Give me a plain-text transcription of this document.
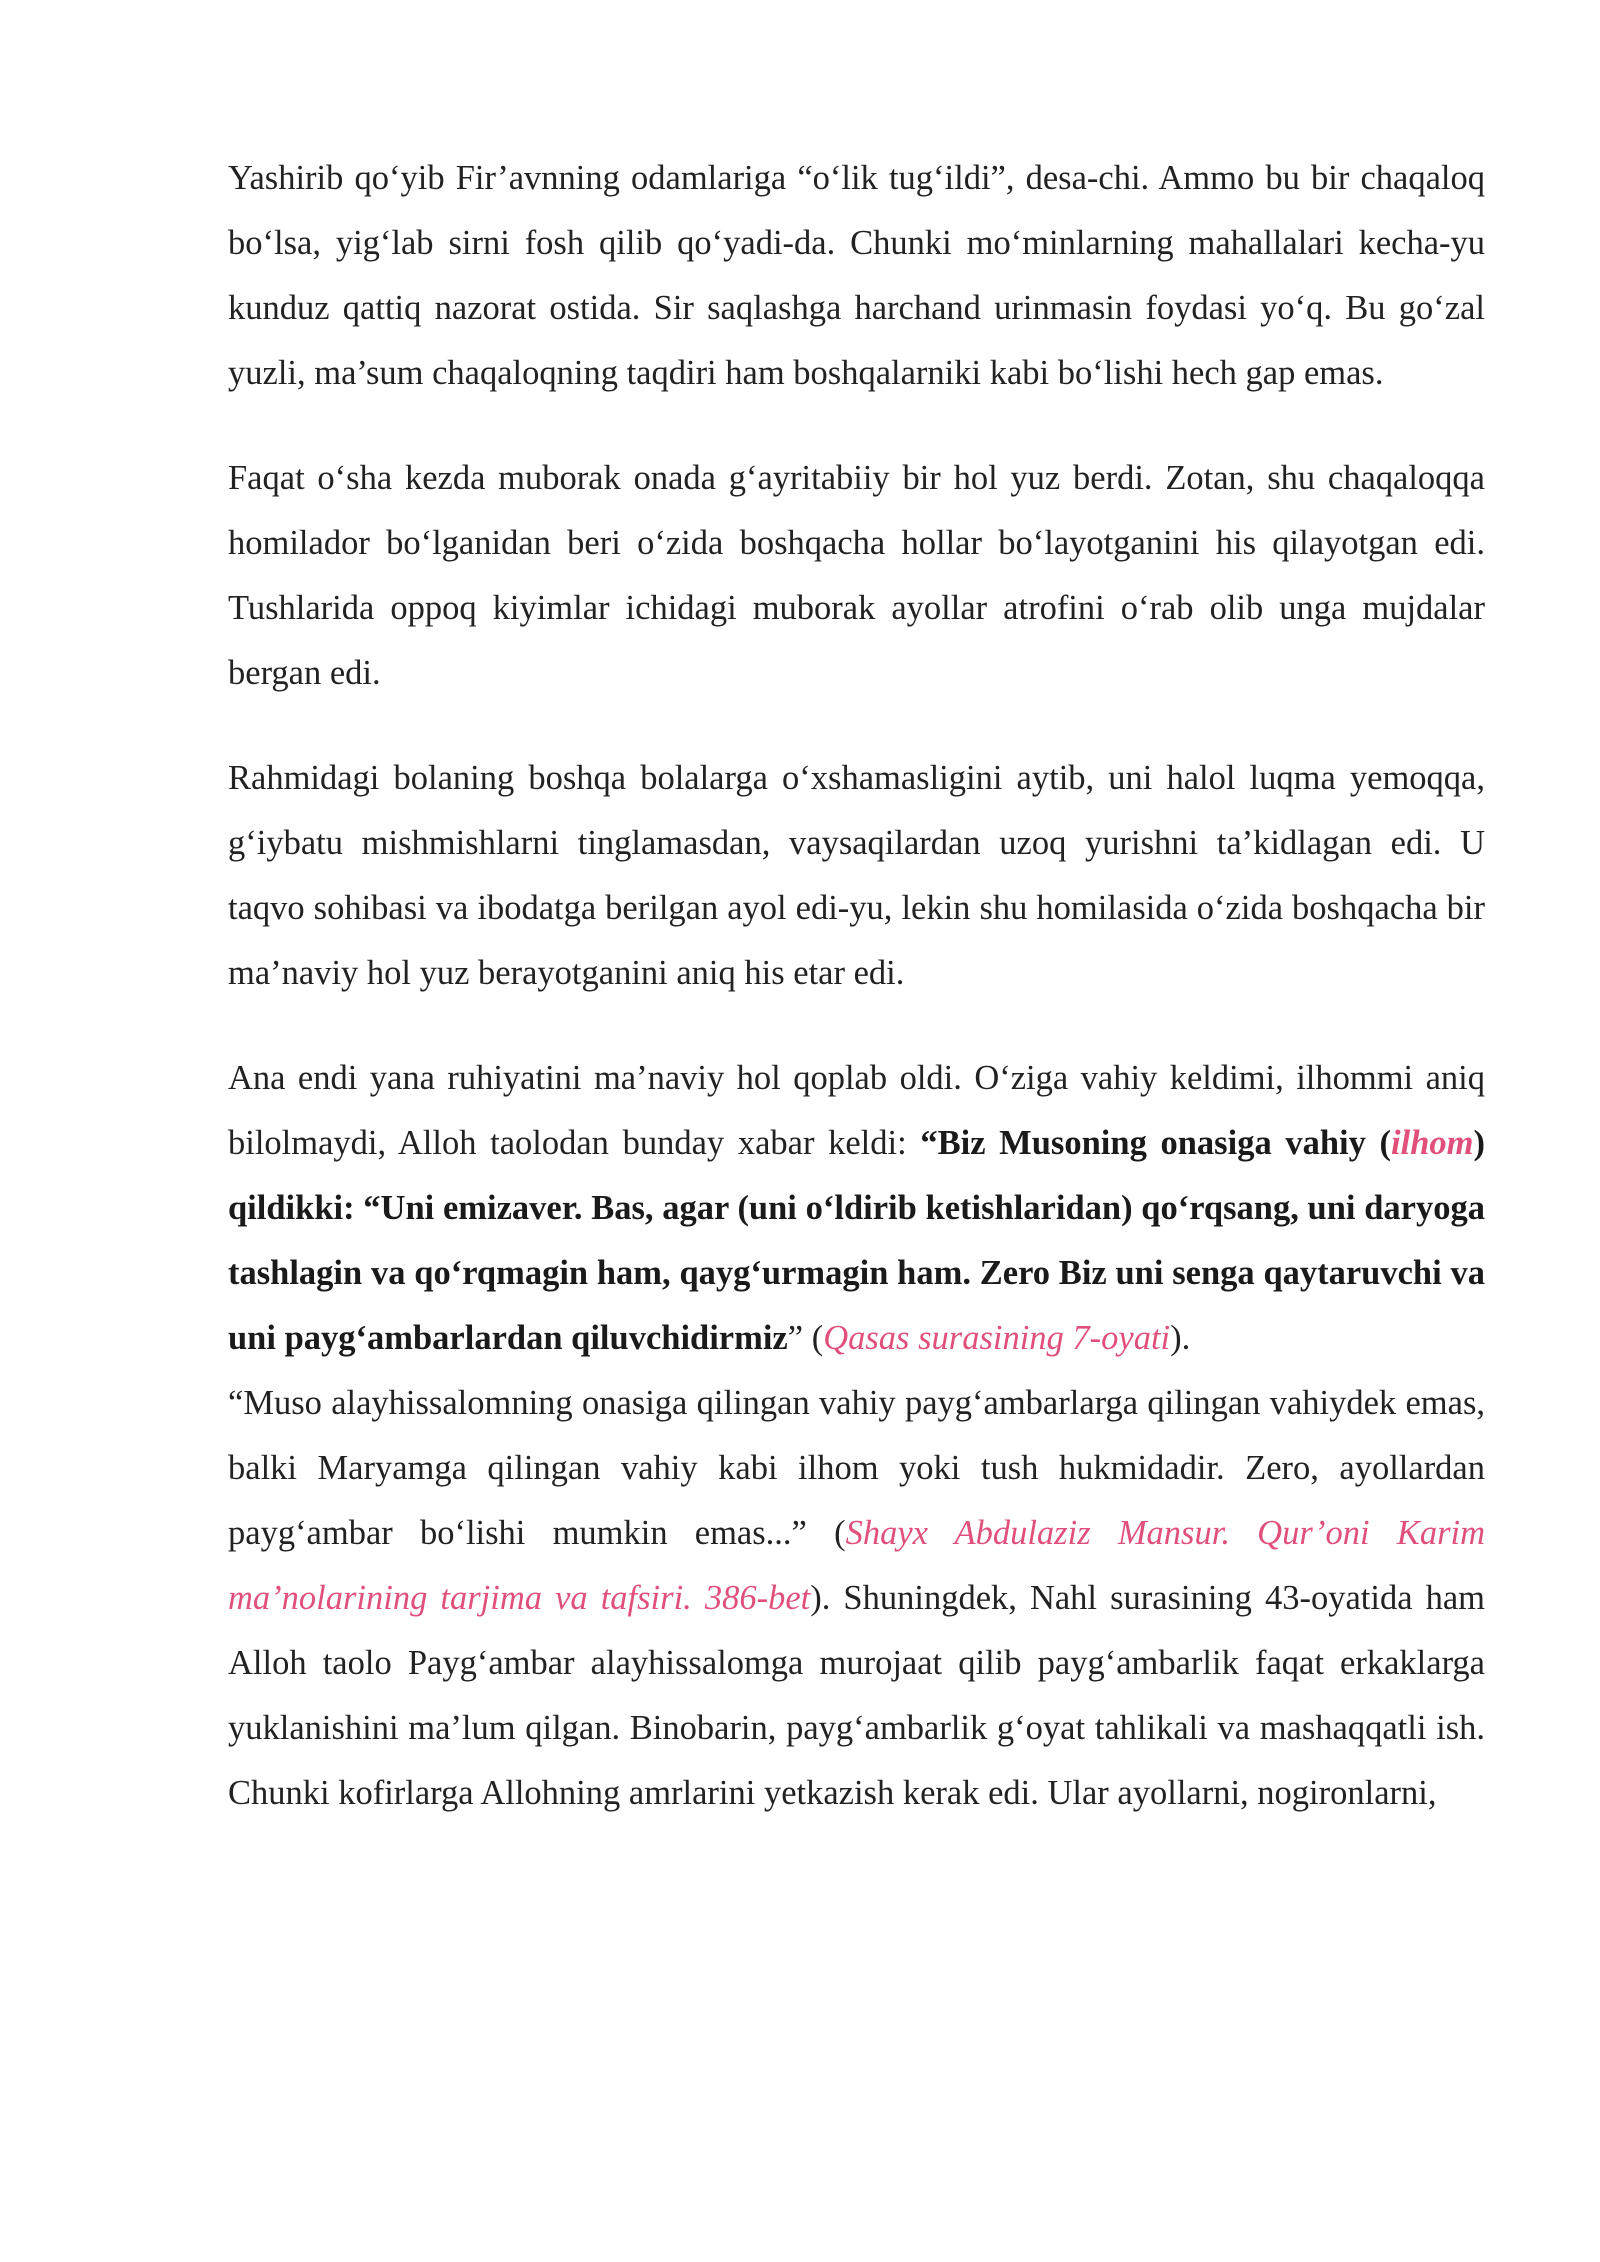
Yashirib qo‘yib Fir’avnning odamlariga “o‘lik tug‘ildi”, desa-chi. Ammo bu bir chaqaloq bo‘lsa, yig‘lab sirni fosh qilib qo‘yadi-da. Chunki mo‘minlarning mahallalari kecha-yu kunduz qattiq nazorat ostida. Sir saqlashga harchand urinmasin foydasi yo‘q. Bu go‘zal yuzli, ma’sum chaqaloqning taqdiri ham boshqalarniki kabi bo‘lishi hech gap emas.

Faqat o‘sha kezda muborak onada g‘ayritabiiy bir hol yuz berdi. Zotan, shu chaqaloqqa homilador bo‘lganidan beri o‘zida boshqacha hollar bo‘layotganini his qilayotgan edi. Tushlarida oppoq kiyimlar ichidagi muborak ayollar atrofini o‘rab olib unga mujdalar bergan edi.

Rahmidagi bolaning boshqa bolalarga o‘xshamasligini aytib, uni halol luqma yemoqqa, g‘iybatu mishmishlarni tinglamasdan, vaysaqilardan uzoq yurishni ta’kidlagan edi. U taqvo sohibasi va ibodatga berilgan ayol edi-yu, lekin shu homilasida o‘zida boshqacha bir ma’naviy hol yuz berayotganini aniq his etar edi.

Ana endi yana ruhiyatini ma’naviy hol qoplab oldi. O‘ziga vahiy keldimi, ilhommi aniq bilolmaydi, Alloh taolodan bunday xabar keldi: “Biz Musoning onasiga vahiy (ilhom) qildikki: “Uni emizaver. Bas, agar (uni o‘ldirib ketishlaridan) qo‘rqsang, uni daryoga tashlagin va qo‘rqmagin ham, qayg‘urmagin ham. Zero Biz uni senga qaytaruvchi va uni payg‘ambarlardan qiluvchidirmiz” (Qasas surasining 7-oyati).

“Muso alayhissalomning onasiga qilingan vahiy payg‘ambarlarga qilingan vahiydek emas, balki Maryamga qilingan vahiy kabi ilhom yoki tush hukmidadir. Zero, ayollardan payg‘ambar bo‘lishi mumkin emas...” (Shayx Abdulaziz Mansur. Qur’oni Karim ma’nolarining tarjima va tafsiri. 386-bet). Shuningdek, Nahl surasining 43-oyatida ham Alloh taolo Payg‘ambar alayhissalomga murojaat qilib payg‘ambarlik faqat erkaklarga yuklanishini ma’lum qilgan. Binobarin, payg‘ambarlik g‘oyat tahlikali va mashaqqatli ish. Chunki kofirlarga Allohning amrlarini yetkazish kerak edi. Ular ayollarni, nogironlarni,
